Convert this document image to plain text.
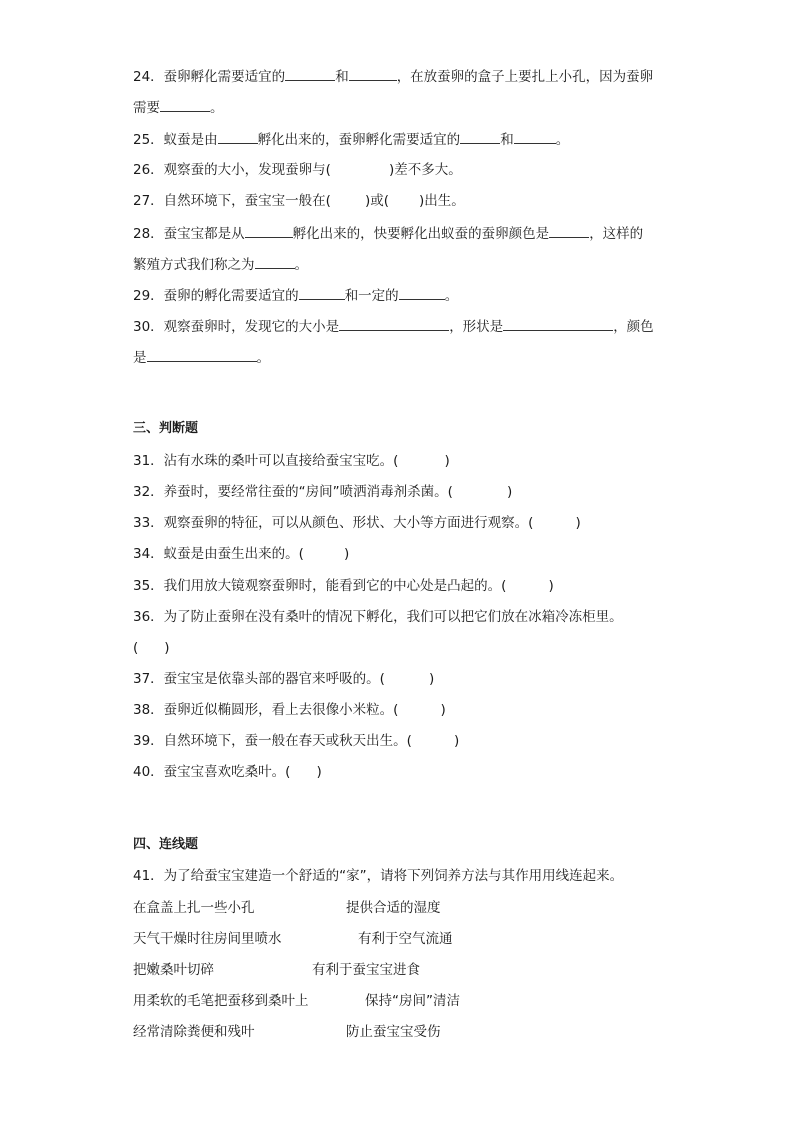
24．蚕卵孵化需要适宜的	和	，在放蚕卵的盒子上要扎上小孔，因为蚕卵
需要	。
25．蚁蚕是由	孵化出来的，蚕卵孵化需要适宜的	和	。
26．观察蚕的大小，发现蚕卵与(	)差不多大。
27．自然环境下，蚕宝宝一般在(	)或( )出生。
28．蚕宝宝都是从	孵化出来的，快要孵化出蚁蚕的蚕卵颜色是	，这样的
繁殖方式我们称之为	。
29．蚕卵的孵化需要适宜的	和一定的	。
30．观察蚕卵时，发现它的大小是	，形状是	，颜色
是	。
三、判断题
31．沾有水珠的桑叶可以直接给蚕宝宝吃。(	)
32．养蚕时，要经常往蚕的“房间”喷洒消毒剂杀菌。(	)
33．观察蚕卵的特征，可以从颜色、形状、大小等方面进行观察。(	)
34．蚁蚕是由蚕生出来的。(	)
35．我们用放大镜观察蚕卵时，能看到它的中心处是凸起的。(	)
36．为了防止蚕卵在没有桑叶的情况下孵化，我们可以把它们放在冰箱冷冻柜里。
( )
37．蚕宝宝是依靠头部的器官来呼吸的。(	)
38．蚕卵近似椭圆形，看上去很像小米粒。(	)
39．自然环境下，蚕一般在春天或秋天出生。(	)
40．蚕宝宝喜欢吃桑叶。( )
四、连线题
41．为了给蚕宝宝建造一个舒适的“家”，请将下列饲养方法与其作用用线连起来。
在盒盖上扎一些小孔	提供合适的湿度
天气干燥时往房间里喷水	有利于空气流通
把嫩桑叶切碎	有利于蚕宝宝进食
用柔软的毛笔把蚕移到桑叶上	保持“房间”清洁
经常清除粪便和残叶	防止蚕宝宝受伤
